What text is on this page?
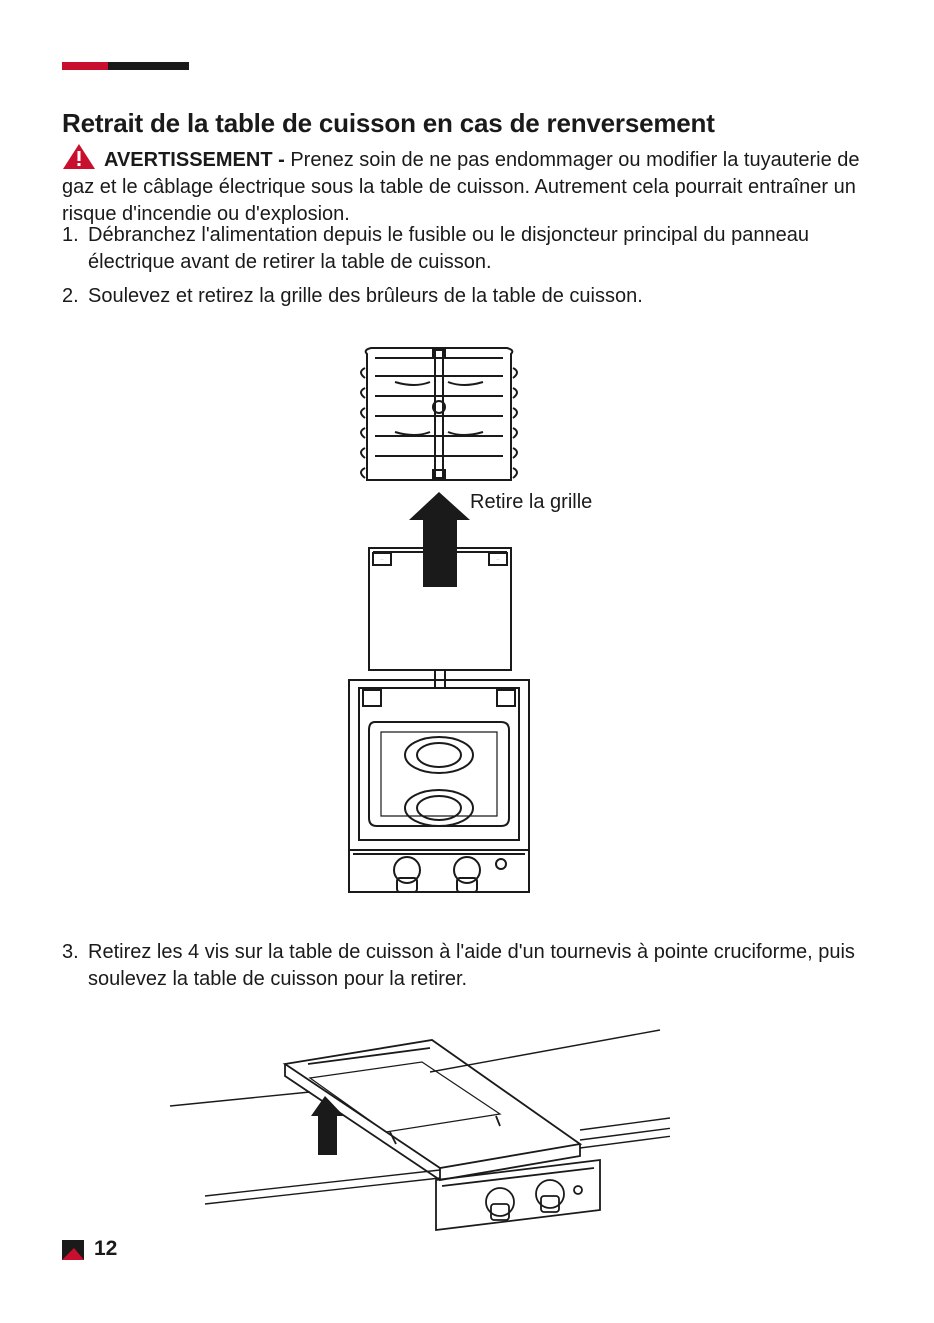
Retrait de la table de cuisson en cas de renversement
AVERTISSEMENT - Prenez soin de ne pas endommager ou modifier la tuyauterie de gaz et le câblage électrique sous la table de cuisson. Autrement cela pourrait entraîner un risque d'incendie ou d'explosion.
1. Débranchez l'alimentation depuis le fusible ou le disjoncteur principal du panneau électrique avant de retirer la table de cuisson.
2. Soulevez et retirez la grille des brûleurs de la table de cuisson.
Retire la grille
3. Retirez les 4 vis sur la table de cuisson à l'aide d'un tournevis à pointe cruciforme, puis soulevez la table de cuisson pour la retirer.
12
